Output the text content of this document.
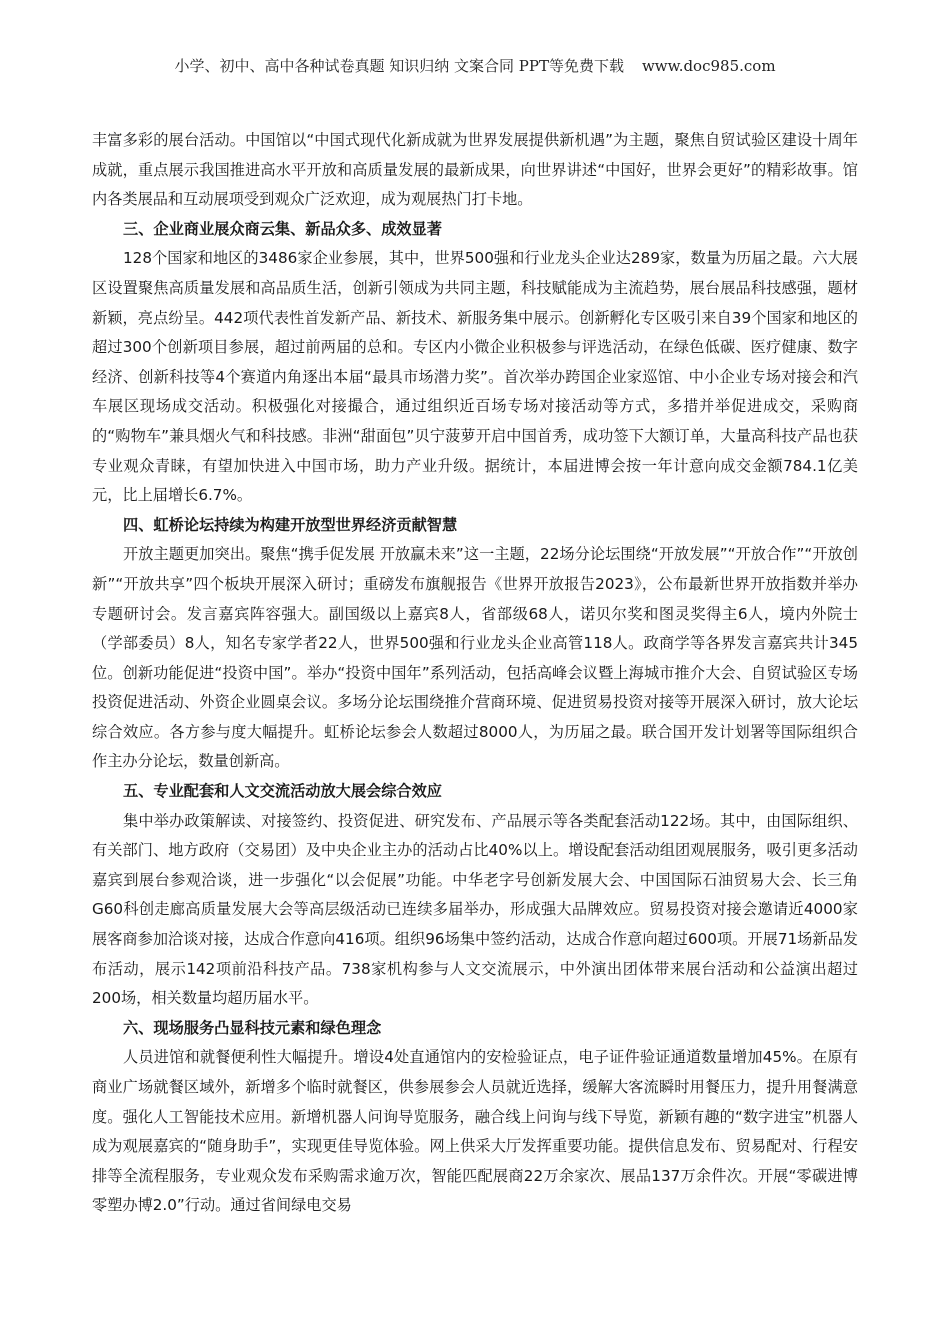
小学、初中、高中各种试卷真题 知识归纳 文案合同 PPT等免费下载 www.doc985.com

丰富多彩的展台活动。中国馆以“中国式现代化新成就为世界发展提供新机遇”为主题，聚焦自贸试验区建设十周年成就，重点展示我国推进高水平开放和高质量发展的最新成果，向世界讲述“中国好，世界会更好”的精彩故事。馆内各类展品和互动展项受到观众广泛欢迎，成为观展热门打卡地。

三、企业商业展众商云集、新品众多、成效显著

128个国家和地区的3486家企业参展，其中，世界500强和行业龙头企业达289家，数量为历届之最。六大展区设置聚焦高质量发展和高品质生活，创新引领成为共同主题，科技赋能成为主流趋势，展台展品科技感强，题材新颖，亮点纷呈。442项代表性首发新产品、新技术、新服务集中展示。创新孵化专区吸引来自39个国家和地区的超过300个创新项目参展，超过前两届的总和。专区内小微企业积极参与评选活动，在绿色低碳、医疗健康、数字经济、创新科技等4个赛道内角逐出本届“最具市场潜力奖”。首次举办跨国企业家巡馆、中小企业专场对接会和汽车展区现场成交活动。积极强化对接撮合，通过组织近百场专场对接活动等方式，多措并举促进成交，采购商的“购物车”兼具烟火气和科技感。非洲“甜面包”贝宁菠萝开启中国首秀，成功签下大额订单，大量高科技产品也获专业观众青睐，有望加快进入中国市场，助力产业升级。据统计，本届进博会按一年计意向成交金额784.1亿美元，比上届增长6.7%。

四、虹桥论坛持续为构建开放型世界经济贡献智慧

开放主题更加突出。聚焦“携手促发展 开放赢未来”这一主题，22场分论坛围绕“开放发展”“开放合作”“开放创新”“开放共享”四个板块开展深入研讨；重磅发布旗舰报告《世界开放报告2023》，公布最新世界开放指数并举办专题研讨会。发言嘉宾阵容强大。副国级以上嘉宾8人，省部级68人，诺贝尔奖和图灵奖得主6人，境内外院士（学部委员）8人，知名专家学者22人，世界500强和行业龙头企业高管118人。政商学等各界发言嘉宾共计345位。创新功能促进“投资中国”。举办“投资中国年”系列活动，包括高峰会议暨上海城市推介大会、自贸试验区专场投资促进活动、外资企业圆桌会议。多场分论坛围绕推介营商环境、促进贸易投资对接等开展深入研讨，放大论坛综合效应。各方参与度大幅提升。虹桥论坛参会人数超过8000人，为历届之最。联合国开发计划署等国际组织合作主办分论坛，数量创新高。

五、专业配套和人文交流活动放大展会综合效应

集中举办政策解读、对接签约、投资促进、研究发布、产品展示等各类配套活动122场。其中，由国际组织、有关部门、地方政府（交易团）及中央企业主办的活动占比40%以上。增设配套活动组团观展服务，吸引更多活动嘉宾到展台参观洽谈，进一步强化“以会促展”功能。中华老字号创新发展大会、中国国际石油贸易大会、长三角G60科创走廊高质量发展大会等高层级活动已连续多届举办，形成强大品牌效应。贸易投资对接会邀请近4000家展客商参加洽谈对接，达成合作意向416项。组织96场集中签约活动，达成合作意向超过600项。开展71场新品发布活动，展示142项前沿科技产品。738家机构参与人文交流展示，中外演出团体带来展台活动和公益演出超过200场，相关数量均超历届水平。

六、现场服务凸显科技元素和绿色理念

人员进馆和就餐便利性大幅提升。增设4处直通馆内的安检验证点，电子证件验证通道数量增加45%。在原有商业广场就餐区域外，新增多个临时就餐区，供参展参会人员就近选择，缓解大客流瞬时用餐压力，提升用餐满意度。强化人工智能技术应用。新增机器人问询导览服务，融合线上问询与线下导览，新颖有趣的“数字进宝”机器人成为观展嘉宾的“随身助手”，实现更佳导览体验。网上供采大厅发挥重要功能。提供信息发布、贸易配对、行程安排等全流程服务，专业观众发布采购需求逾万次，智能匹配展商22万余家次、展品137万余件次。开展“零碳进博 零塑办博2.0”行动。通过省间绿电交易
